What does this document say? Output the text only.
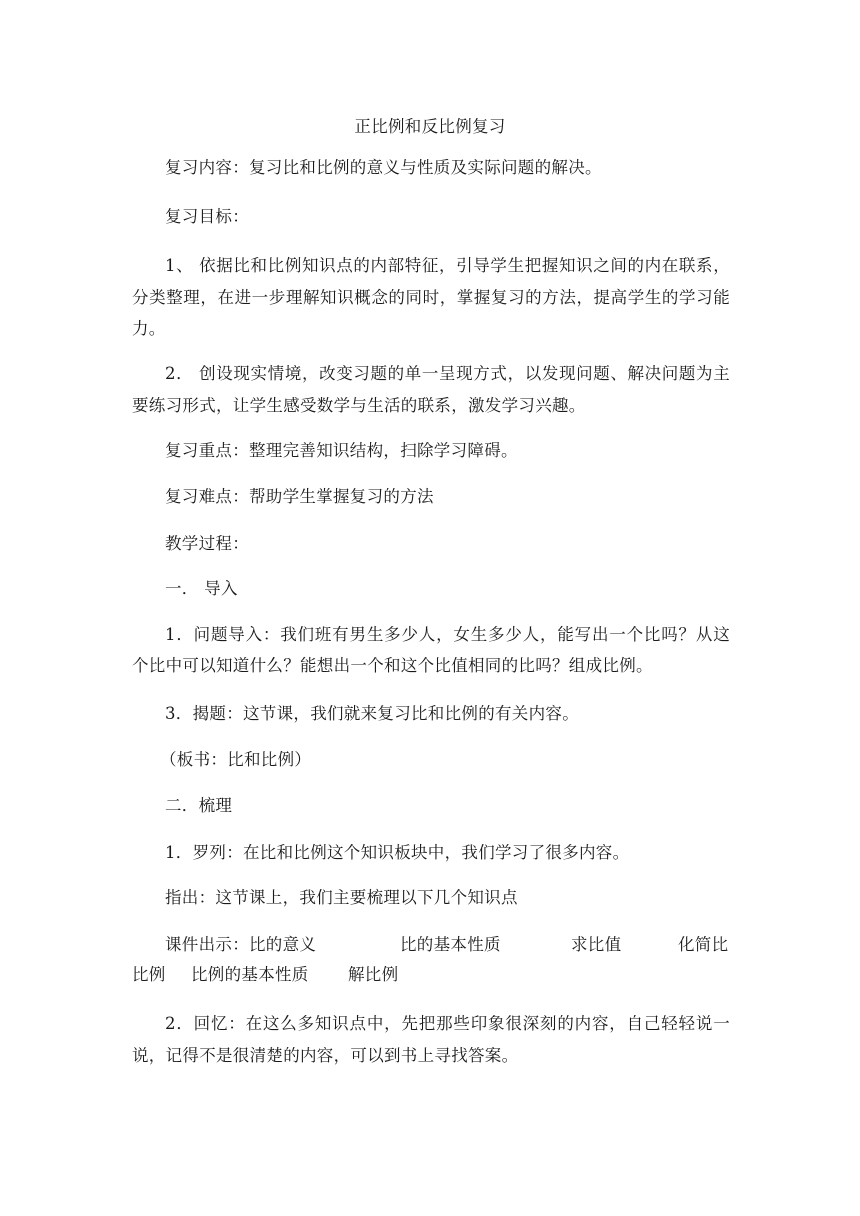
正比例和反比例复习
复习内容：复习比和比例的意义与性质及实际问题的解决。
复习目标：
1、 依据比和比例知识点的内部特征，引导学生把握知识之间的内在联系，
分类整理，在进一步理解知识概念的同时，掌握复习的方法，提高学生的学习能
力。
2． 创设现实情境，改变习题的单一呈现方式，以发现问题、解决问题为主
要练习形式，让学生感受数学与生活的联系，激发学习兴趣。
复习重点：整理完善知识结构，扫除学习障碍。
复习难点：帮助学生掌握复习的方法
教学过程：
一． 导入
1．问题导入：我们班有男生多少人，女生多少人，能写出一个比吗？从这
个比中可以知道什么？能想出一个和这个比值相同的比吗？组成比例。
3．揭题：这节课，我们就来复习比和比例的有关内容。
（板书：比和比例）
二．梳理
1．罗列：在比和比例这个知识板块中，我们学习了很多内容。
指出：这节课上，我们主要梳理以下几个知识点
课件出示：比的意义	比的基本性质	求比值	化简比
比例 比例的基本性质 解比例
2．回忆：在这么多知识点中，先把那些印象很深刻的内容，自己轻轻说一
说，记得不是很清楚的内容，可以到书上寻找答案。
